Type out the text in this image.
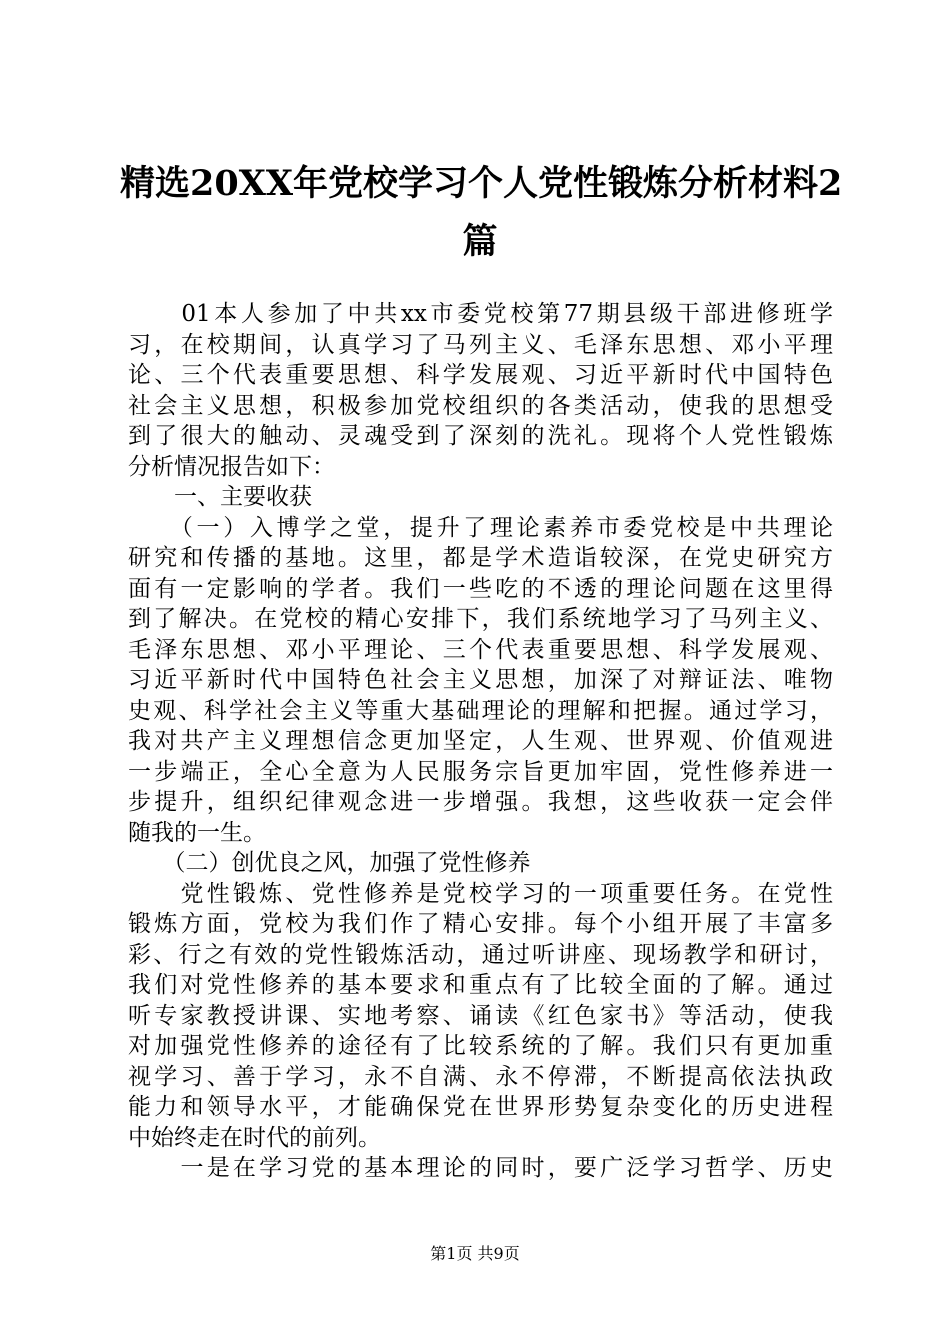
精选20XX年党校学习个人党性锻炼分析材料2
篇
　　01本人参加了中共xx市委党校第77期县级干部进修班学
习，在校期间，认真学习了马列主义、毛泽东思想、邓小平理
论、三个代表重要思想、科学发展观、习近平新时代中国特色
社会主义思想，积极参加党校组织的各类活动，使我的思想受
到了很大的触动、灵魂受到了深刻的洗礼。现将个人党性锻炼
分析情况报告如下：
　　一、主要收获
　　（一）入博学之堂，提升了理论素养市委党校是中共理论
研究和传播的基地。这里，都是学术造诣较深，在党史研究方
面有一定影响的学者。我们一些吃的不透的理论问题在这里得
到了解决。在党校的精心安排下，我们系统地学习了马列主义、
毛泽东思想、邓小平理论、三个代表重要思想、科学发展观、
习近平新时代中国特色社会主义思想，加深了对辩证法、唯物
史观、科学社会主义等重大基础理论的理解和把握。通过学习，
我对共产主义理想信念更加坚定，人生观、世界观、价值观进
一步端正，全心全意为人民服务宗旨更加牢固，党性修养进一
步提升，组织纪律观念进一步增强。我想，这些收获一定会伴
随我的一生。
　　（二）创优良之风，加强了党性修养
　　党性锻炼、党性修养是党校学习的一项重要任务。在党性
锻炼方面，党校为我们作了精心安排。每个小组开展了丰富多
彩、行之有效的党性锻炼活动，通过听讲座、现场教学和研讨，
我们对党性修养的基本要求和重点有了比较全面的了解。通过
听专家教授讲课、实地考察、诵读《红色家书》等活动，使我
对加强党性修养的途径有了比较系统的了解。我们只有更加重
视学习、善于学习，永不自满、永不停滞，不断提高依法执政
能力和领导水平，才能确保党在世界形势复杂变化的历史进程
中始终走在时代的前列。
　　一是在学习党的基本理论的同时，要广泛学习哲学、历史
第1页 共9页
